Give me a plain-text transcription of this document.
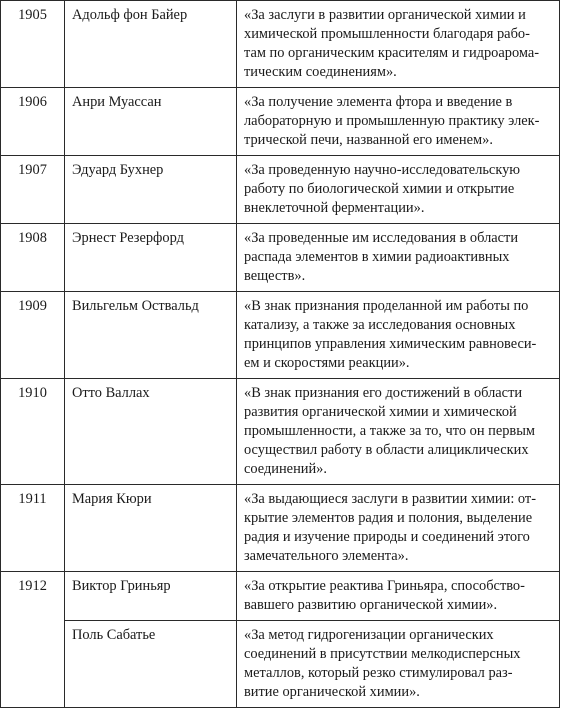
1905	Адольф фон Байер	«За заслуги в развитии органической химии и
химической промышленности благодаря рабо-
там по органическим красителям и гидроарома-
тическим соединениям».

1906	Анри Муассан	«За получение элемента фтора и введение в
лабораторную и промышленную практику элек-
трической печи, названной его именем».

1907	Эдуард Бухнер	«За проведенную научно-исследовательскую
работу по биологической химии и открытие
внеклеточной ферментации».

1908	Эрнест Резерфорд	«За проведенные им исследования в области
распада элементов в химии радиоактивных
веществ».

1909	Вильгельм Оствальд	«В знак признания проделанной им работы по
катализу, а также за исследования основных
принципов управления химическим равновеси-
ем и скоростями реакции».

1910	Отто Валлах	«В знак признания его достижений в области
развития органической химии и химической
промышленности, а также за то, что он первым
осуществил работу в области алициклических
соединений».

1911	Мария Кюри	«За выдающиеся заслуги в развитии химии: от-
крытие элементов радия и полония, выделение
радия и изучение природы и соединений этого
замечательного элемента».

1912	Виктор Гриньяр	«За открытие реактива Гриньяра, способство-
вавшего развитию органической химии».

	Поль Сабатье	«За метод гидрогенизации органических
соединений в присутствии мелкодисперсных
металлов, который резко стимулировал раз-
витие органической химии».
